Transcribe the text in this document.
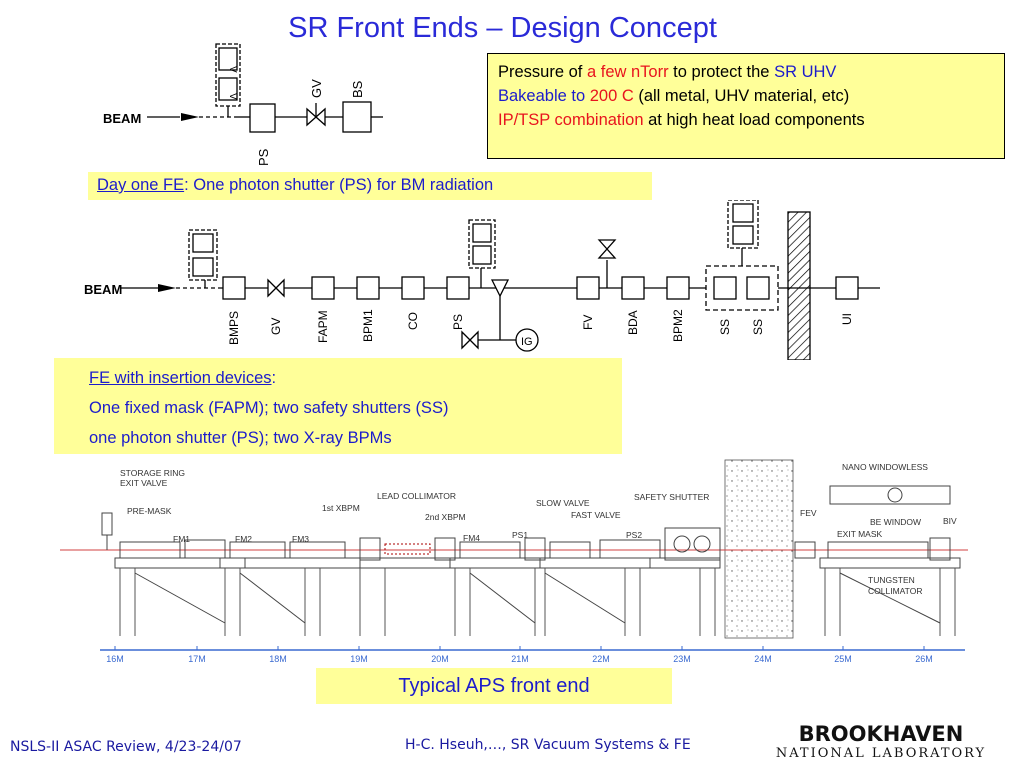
SR Front Ends – Design Concept
Pressure of a few nTorr to protect the SR UHV
Bakeable to 200 C (all metal, UHV material, etc)
IP/TSP combination at high heat load components
Day one FE: One photon shutter (PS) for BM radiation
FE with insertion devices:
One fixed mask (FAPM); two safety shutters (SS)
one photon shutter (PS); two X-ray BPMs
Typical APS front end
BEAM
V
V
PS
GV BS
BEAM
IG
BMPS GV	FAPM	BPM1	CO	PS	FV	BDA	BPM2	SS SS	UI
16M	17M	18M	19M	20M	21M	22M	23M	24M	25M	26M
STORAGE RING
EXIT VALVE
PRE-MASK
LEAD COLLIMATOR
1st XBPM
2nd XBPM
SLOW VALVE
FAST VALVE
SAFETY SHUTTER
NANO WINDOWLESS
FEV
BE WINDOW	BIV
EXIT MASK
TUNGSTEN
COLLIMATOR
FM1	FM2	FM3	FM4	PS1	PS2
NSLS-II ASAC Review, 4/23-24/07	H-C. Hseuh,…, SR Vacuum Systems & FE	BROOKHAVEN
NATIONAL LABORATORY
